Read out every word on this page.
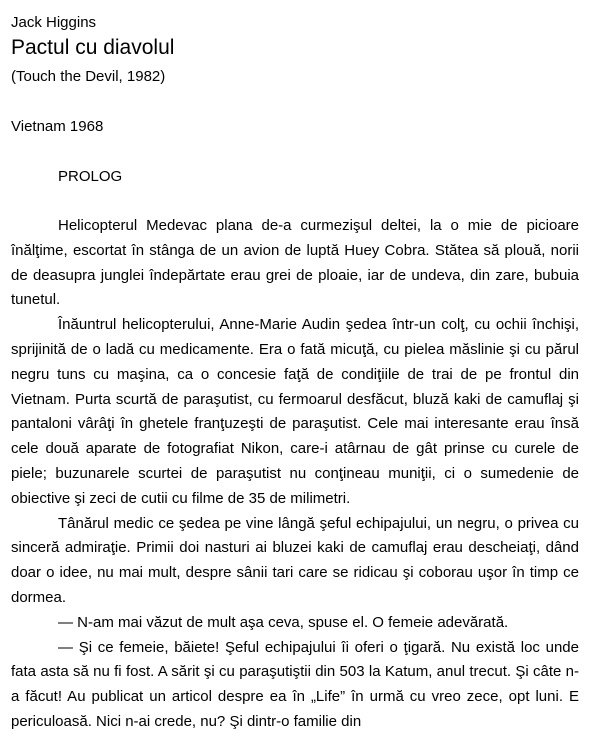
Jack Higgins
Pactul cu diavolul
(Touch the Devil, 1982)
Vietnam 1968
PROLOG

Helicopterul Medevac plana de-a curmezişul deltei, la o mie de picioare înălţime, escortat în stânga de un avion de luptă Huey Cobra. Stătea să plouă, norii de deasupra junglei îndepărtate erau grei de ploaie, iar de undeva, din zare, bubuia tunetul.

Înăuntrul helicopterului, Anne-Marie Audin şedea într-un colţ, cu ochii închişi, sprijinită de o ladă cu medicamente. Era o fată micuţă, cu pielea măslinie şi cu părul negru tuns cu maşina, ca o concesie faţă de condiţiile de trai de pe frontul din Vietnam. Purta scurtă de paraşutist, cu fermoarul desfăcut, bluză kaki de camuflaj şi pantaloni vârâţi în ghetele franţuzeşti de paraşutist. Cele mai interesante erau însă cele două aparate de fotografiat Nikon, care-i atârnau de gât prinse cu curele de piele; buzunarele scurtei de paraşutist nu conţineau muniţii, ci o sumedenie de obiective şi zeci de cutii cu filme de 35 de milimetri.

Tânărul medic ce şedea pe vine lângă şeful echipajului, un negru, o privea cu sinceră admiraţie. Primii doi nasturi ai bluzei kaki de camuflaj erau descheiaţi, dând doar o idee, nu mai mult, despre sânii tari care se ridicau şi coborau uşor în timp ce dormea.

— N-am mai văzut de mult aşa ceva, spuse el. O femeie adevărată.

— Şi ce femeie, băiete! Şeful echipajului îi oferi o ţigară. Nu există loc unde fata asta să nu fi fost. A sărit şi cu paraşutiştii din 503 la Katum, anul trecut. Şi câte n-a făcut! Au publicat un articol despre ea în „Life” în urmă cu vreo zece, opt luni. E periculoasă. Nici n-ai crede, nu? Şi dintr-o familie din
